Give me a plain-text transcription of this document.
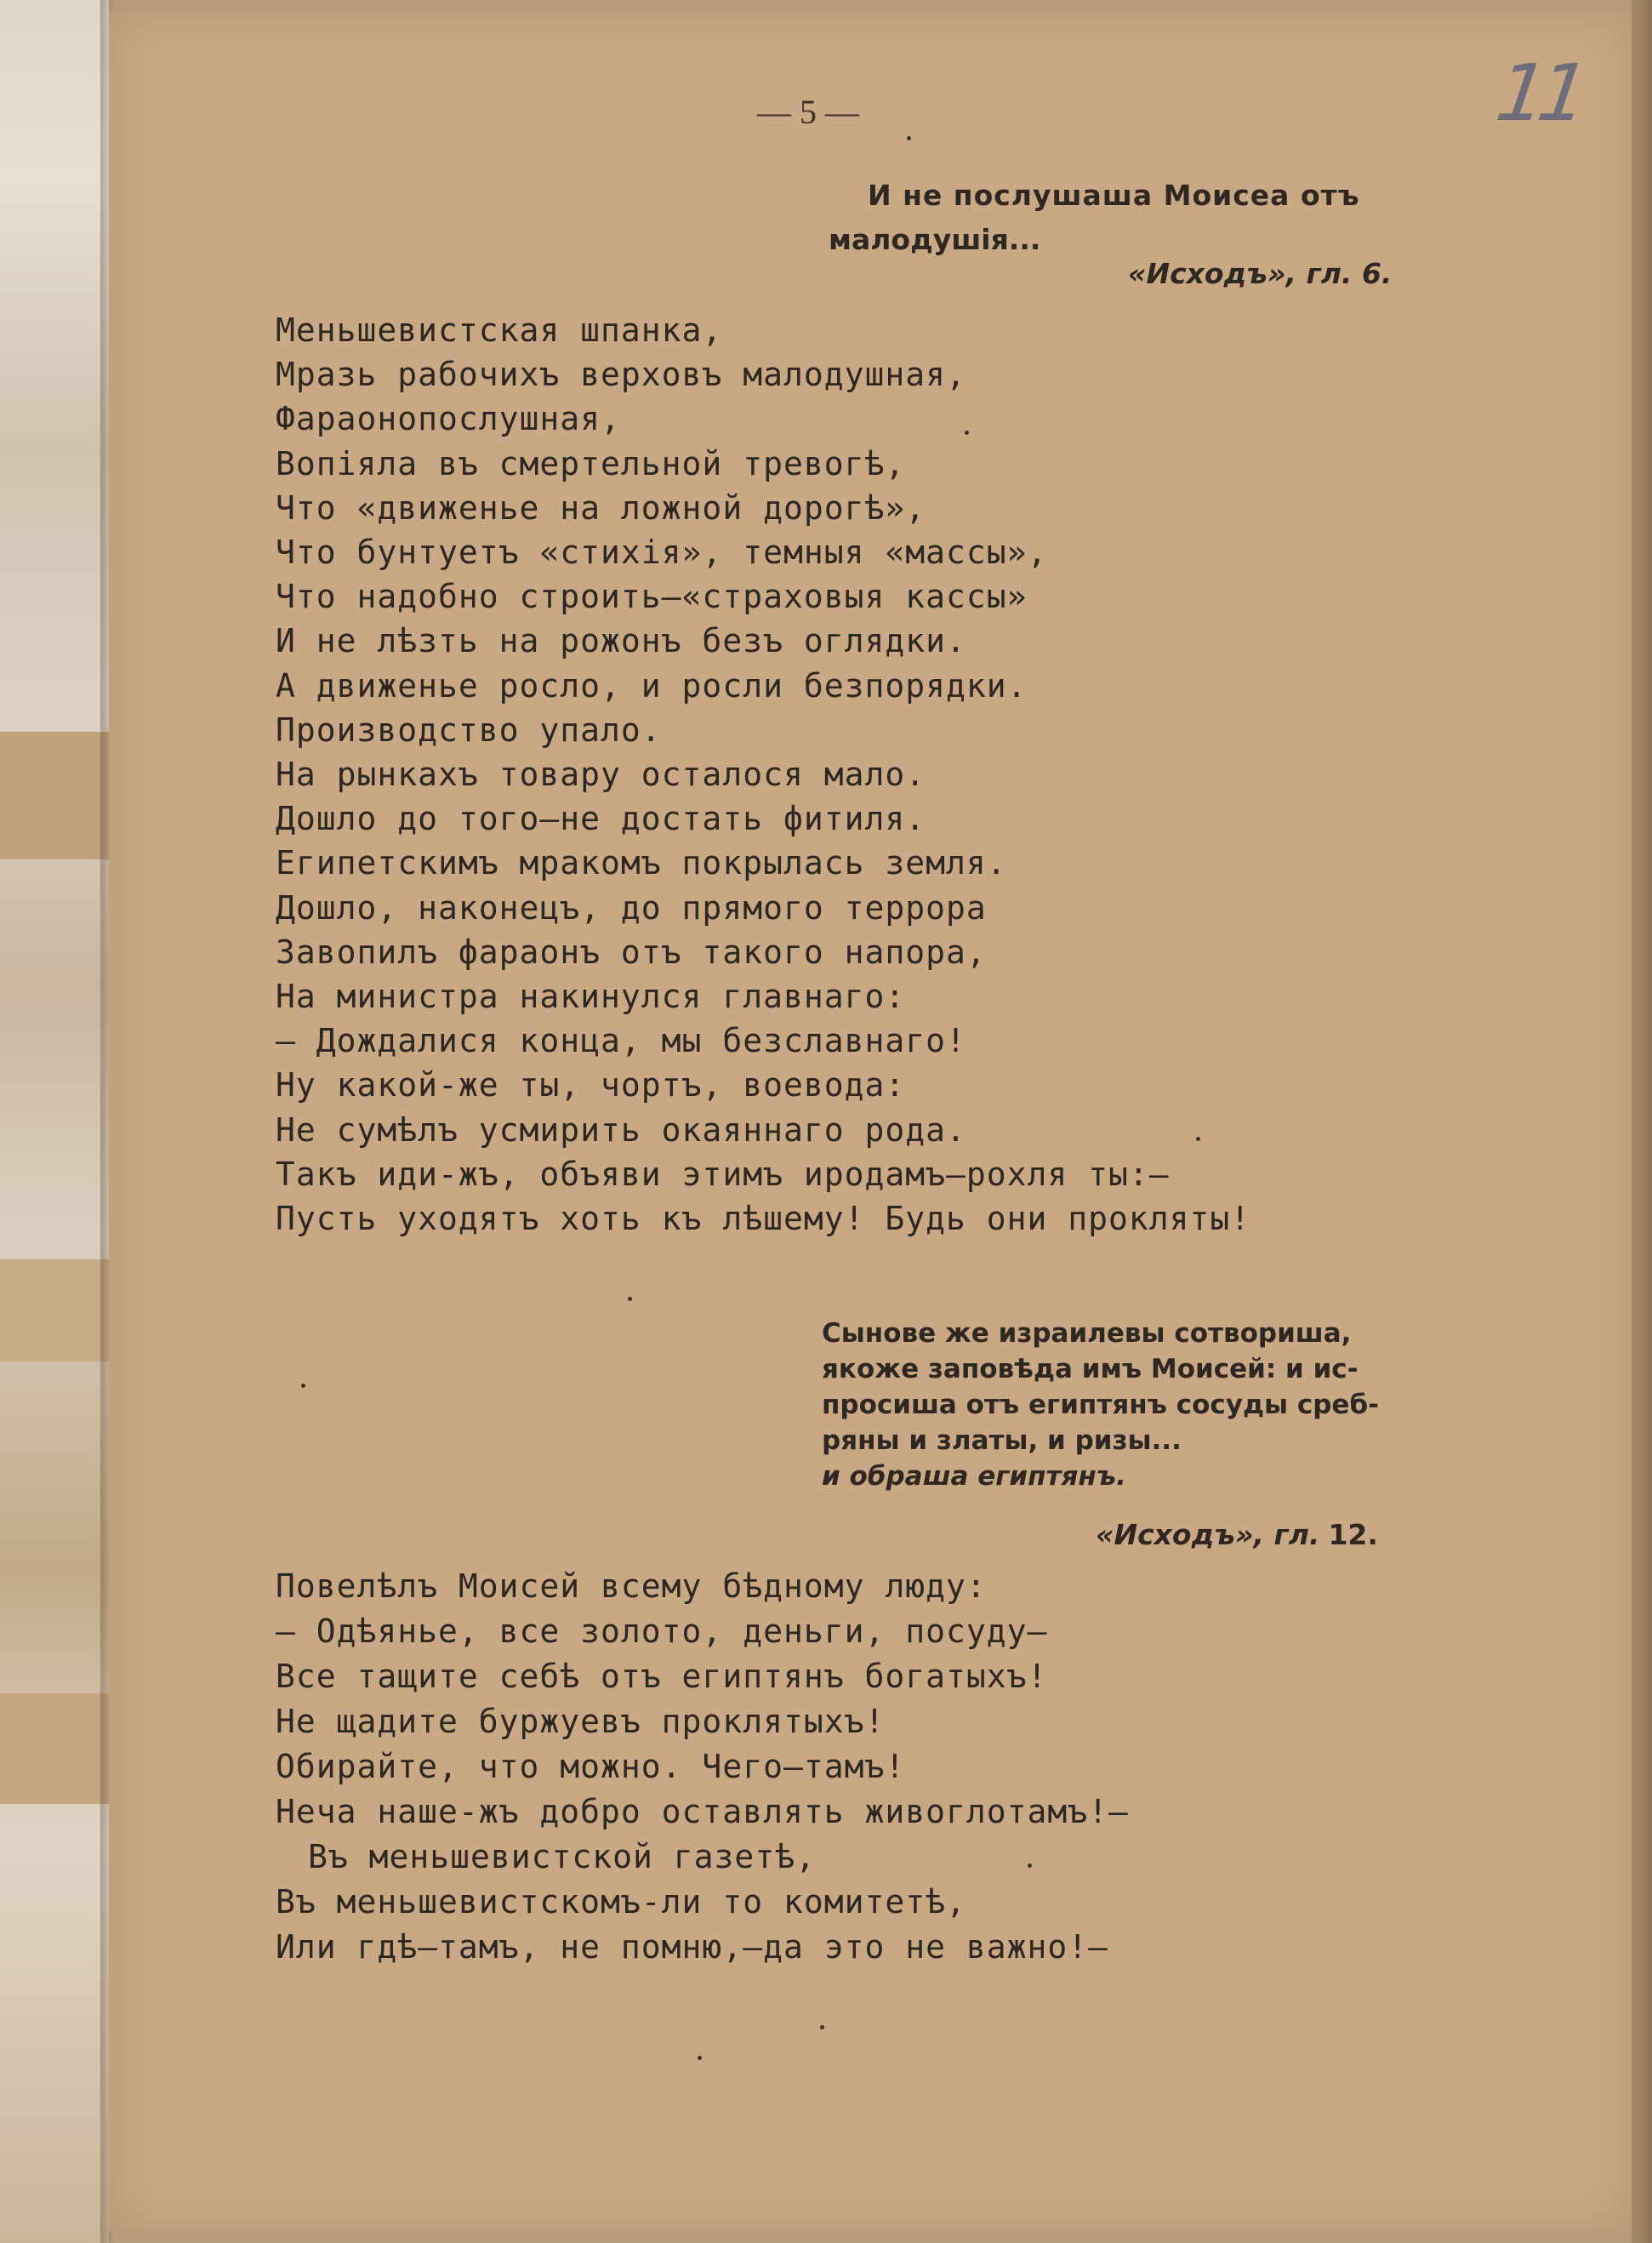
— 5 —	11
И не послушаша Моисеа отъ
малодушія...
«Исходъ», гл. 6.
Меньшевистская шпанка,
Мразь рабочихъ верховъ малодушная,
Фараонопослушная,
Вопіяла въ смертельной тревогѣ,
Что «движенье на ложной дорогѣ»,
Что бунтуетъ «стихія», темныя «массы»,
Что надобно строить—«страховыя кассы»
И не лѣзть на рожонъ безъ оглядки.
А движенье росло, и росли безпорядки.
Производство упало.
На рынкахъ товару осталося мало.
Дошло до того—не достать фитиля.
Египетскимъ мракомъ покрылась земля.
Дошло, наконецъ, до прямого террора
Завопилъ фараонъ отъ такого напора,
На министра накинулся главнаго:
— Дождалися конца, мы безславнаго!
Ну какой-же ты, чортъ, воевода:
Не сумѣлъ усмирить окаяннаго рода.
Такъ иди-жъ, объяви этимъ иродамъ—рохля ты:—
Пусть уходятъ хоть къ лѣшему! Будь они прокляты!
Сынове же израилевы сотвориша,
якоже заповѣда имъ Моисей: и ис-
просиша отъ египтянъ сосуды среб-
ряны и златы, и ризы...
и обраша египтянъ.
«Исходъ», гл. 12.
Повелѣлъ Моисей всему бѣдному люду:
— Одѣянье, все золото, деньги, посуду—
Все тащите себѣ отъ египтянъ богатыхъ!
Не щадите буржуевъ проклятыхъ!
Обирайте, что можно. Чего—тамъ!
Неча наше-жъ добро оставлять живоглотамъ!—
Въ меньшевистской газетѣ,
Въ меньшевистскомъ-ли то комитетѣ,
Или гдѣ—тамъ, не помню,—да это не важно!—
